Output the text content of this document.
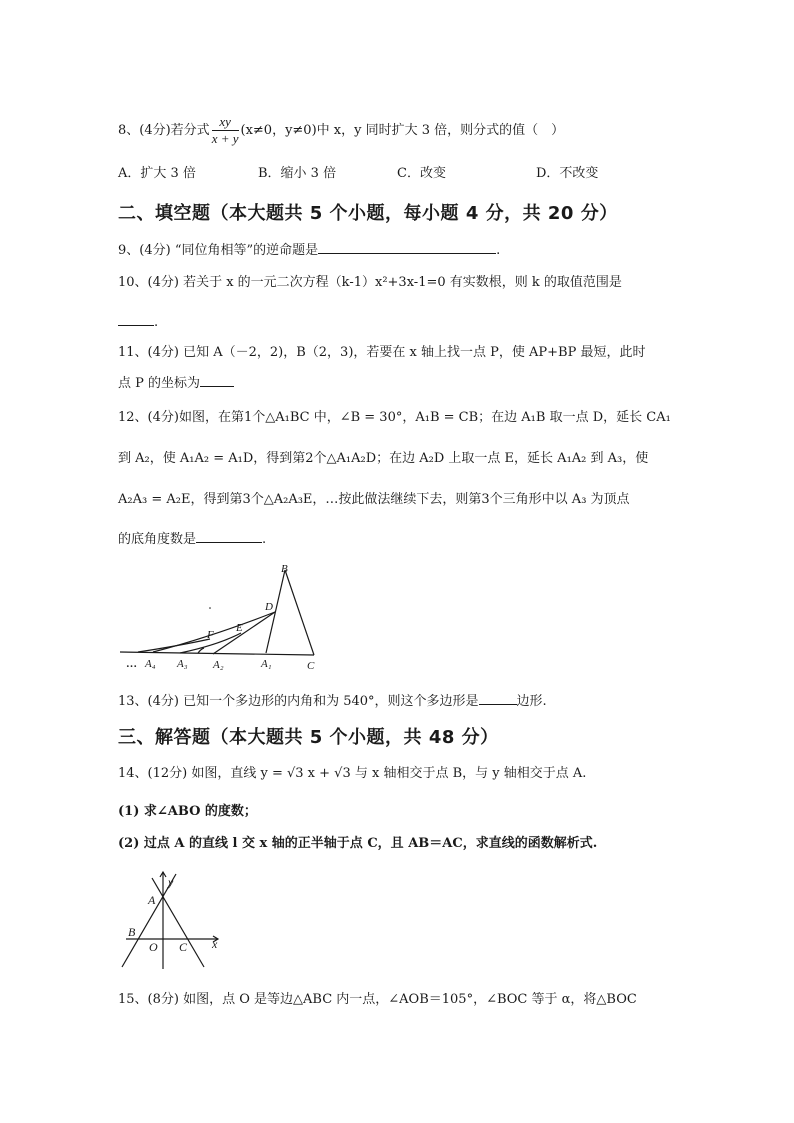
8、(4分)若分式 $\frac{xy}{x + y} (x\ne 0$，y≠0)中 x，y 同时扩大 3 倍，则分式的值（　）
A．扩大 3 倍	B．缩小 3 倍	C．改变	D．不改变
二、填空题（本大题共 5 个小题，每小题 4 分，共 20 分）
9、(4分) “同位角相等”的逆命题是	.
10、(4分) 若关于 x 的一元二次方程（k-1）x²+3x-1=0 有实数根，则 k 的取值范围是
.
11、(4分) 已知 A（－2，2)，B（2，3)，若要在 x 轴上找一点 P，使 AP+BP 最短，此时
点 P 的坐标为
12、(4分)如图，在第1个△A₁BC 中，∠B = 30°，A₁B = CB；在边 A₁B 取一点 D，延长 CA₁
到 A₂，使 A₁A₂ = A₁D，得到第2个△A₁A₂D；在边 A₂D 上取一点 E，延长 A₁A₂ 到 A₃，使
A₂A₃ = A₂E，得到第3个△A₂A₃E，…按此做法继续下去，则第3个三角形中以 A₃ 为顶点
的底角度数是	.
B
D
E
F
… A₄ A₃ A₂	A₁	C
13、(4分) 已知一个多边形的内角和为 540°，则这个多边形是	边形.
三、解答题（本大题共 5 个小题，共 48 分）
14、(12分) 如图，直线 y = √3 x + √3 与 x 轴相交于点 B，与 y 轴相交于点 A.
(1) 求∠ABO 的度数；
(2) 过点 A 的直线 l 交 x 轴的正半轴于点 C，且 AB＝AC，求直线的函数解析式.
y
A
B
O C x
15、(8分) 如图，点 O 是等边△ABC 内一点，∠AOB＝105°，∠BOC 等于 α，将△BOC
